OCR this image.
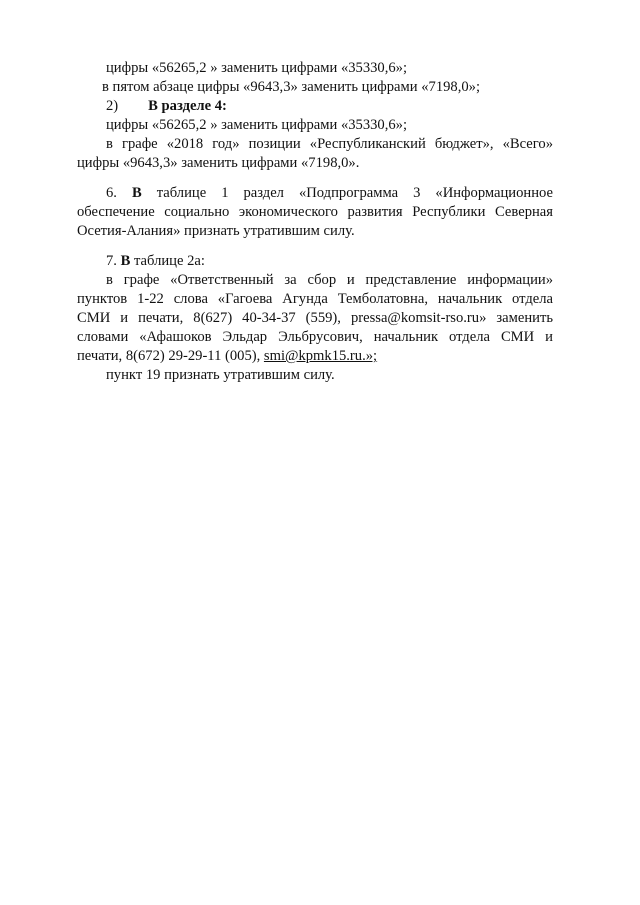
цифры «56265,2 » заменить цифрами «35330,6»;
в пятом абзаце цифры «9643,3» заменить цифрами «7198,0»;
2) В разделе 4:
цифры «56265,2 » заменить цифрами «35330,6»;
в графе «2018 год» позиции «Республиканский бюджет», «Всего»
цифры «9643,3» заменить цифрами «7198,0».
6. В таблице 1 раздел «Подпрограмма 3 «Информационное
обеспечение социально экономического развития Республики Северная
Осетия-Алания» признать утратившим силу.
7. В таблице 2а:
в графе «Ответственный за сбор и представление информации»
пунктов 1-22 слова «Гагоева Агунда Темболатовна, начальник отдела
СМИ и печати, 8(627) 40-34-37 (559), pressa@komsit-rso.ru» заменить
словами «Афашоков Эльдар Эльбрусович, начальник отдела СМИ и
печати, 8(672) 29-29-11 (005), smi@kpmk15.ru.»;
пункт 19 признать утратившим силу.
